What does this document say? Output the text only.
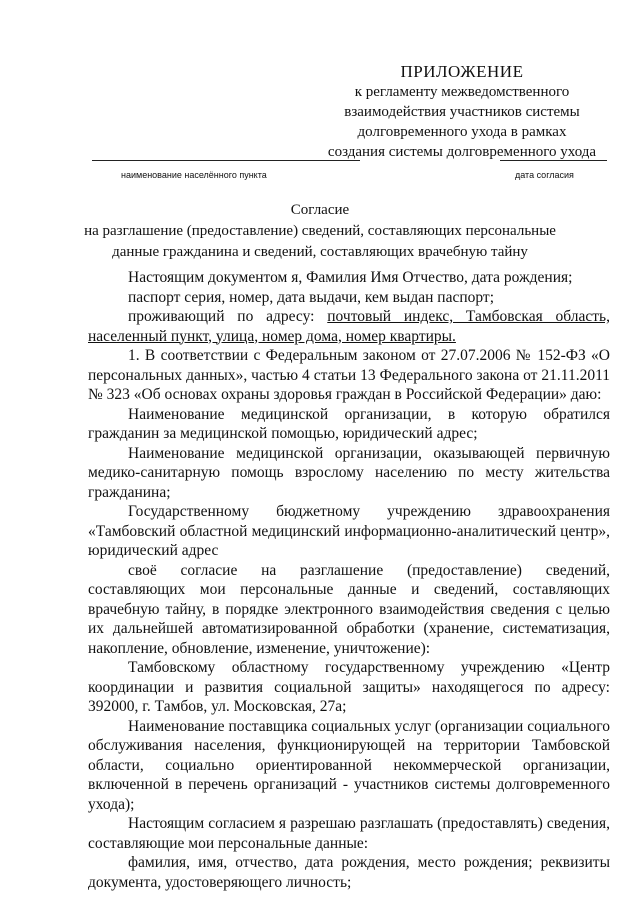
ПРИЛОЖЕНИЕ
к регламенту межведомственного
взаимодействия участников системы
долговременного ухода в рамках
создания системы долговременного ухода
наименование населённого пункта	дата согласия
Согласие
на разглашение (предоставление) сведений, составляющих персональные
данные гражданина и сведений, составляющих врачебную тайну

Настоящим документом я, Фамилия Имя Отчество, дата рождения;

паспорт серия, номер, дата выдачи, кем выдан паспорт;

проживающий по адресу: почтовый индекс, Тамбовская область, населенный пункт, улица, номер дома, номер квартиры.

1. В соответствии с Федеральным законом от 27.07.2006 № 152-ФЗ «О персональных данных», частью 4 статьи 13 Федерального закона от 21.11.2011 № 323 «Об основах охраны здоровья граждан в Российской Федерации» даю:

Наименование медицинской организации, в которую обратился гражданин за медицинской помощью, юридический адрес;

Наименование медицинской организации, оказывающей первичную медико-санитарную помощь взрослому населению по месту жительства гражданина;

Государственному бюджетному учреждению здравоохранения «Тамбовский областной медицинский информационно-аналитический центр», юридический адрес

своё согласие на разглашение (предоставление) сведений, составляющих мои персональные данные и сведений, составляющих врачебную тайну, в порядке электронного взаимодействия сведения с целью их дальнейшей автоматизированной обработки (хранение, систематизация, накопление, обновление, изменение, уничтожение):

Тамбовскому областному государственному учреждению «Центр координации и развития социальной защиты» находящегося по адресу: 392000, г. Тамбов, ул. Московская, 27а;

Наименование поставщика социальных услуг (организации социального обслуживания населения, функционирующей на территории Тамбовской области, социально ориентированной некоммерческой организации, включенной в перечень организаций - участников системы долговременного ухода);

Настоящим согласием я разрешаю разглашать (предоставлять) сведения, составляющие мои персональные данные:

фамилия, имя, отчество, дата рождения, место рождения; реквизиты документа, удостоверяющего личность;
